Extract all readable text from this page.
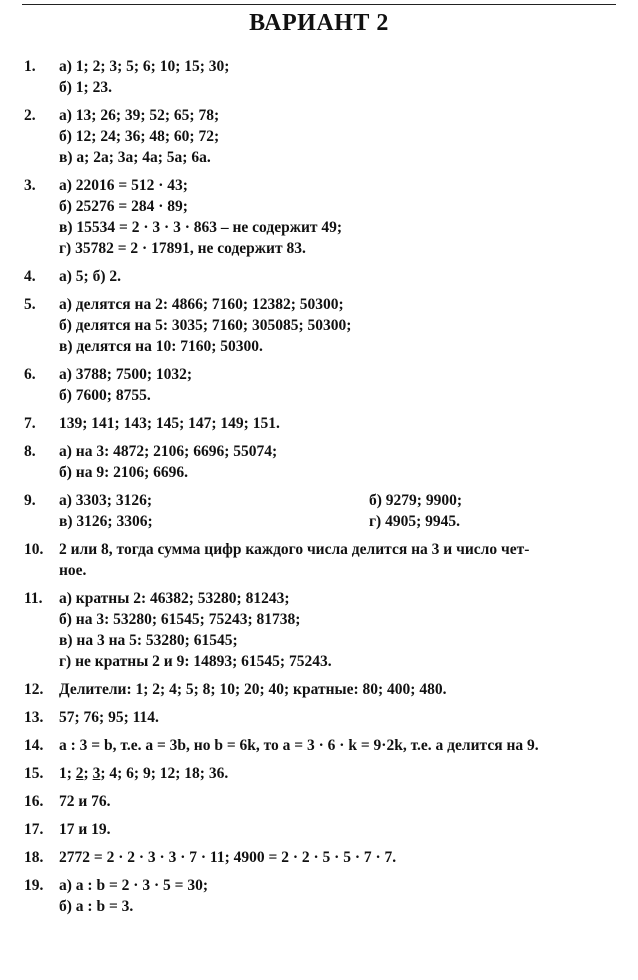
ВАРИАНТ 2
1.	а) 1; 2; 3; 5; 6; 10; 15; 30;
б) 1; 23.
2.	а) 13; 26; 39; 52; 65; 78;
б) 12; 24; 36; 48; 60; 72;
в) a; 2a; 3a; 4a; 5a; 6a.
3.	а) 22016 = 512 · 43;
б) 25276 = 284 · 89;
в) 15534 = 2 · 3 · 3 · 863 – не содержит 49;
г) 35782 = 2 · 17891, не содержит 83.
4.	а) 5; б) 2.
5.	а) делятся на 2: 4866; 7160; 12382; 50300;
б) делятся на 5: 3035; 7160; 305085; 50300;
в) делятся на 10: 7160; 50300.
6.	а) 3788; 7500; 1032;
б) 7600; 8755.
7.	139; 141; 143; 145; 147; 149; 151.
8.	а) на 3: 4872; 2106; 6696; 55074;
б) на 9: 2106; 6696.
9.	а) 3303; 3126;	б) 9279; 9900;
в) 3126; 3306;	г) 4905; 9945.
10.	2 или 8, тогда сумма цифр каждого числа делится на 3 и число чет-
ное.
11.	а) кратны 2: 46382; 53280; 81243;
б) на 3: 53280; 61545; 75243; 81738;
в) на 3 на 5: 53280; 61545;
г) не кратны 2 и 9: 14893; 61545; 75243.
12.	Делители: 1; 2; 4; 5; 8; 10; 20; 40; кратные: 80; 400; 480.
13.	57; 76; 95; 114.
14.	a : 3 = b, т.е. a = 3b, но b = 6k, то a = 3 · 6 · k = 9·2k, т.е. a делится на 9.
15.	1; 2; 3; 4; 6; 9; 12; 18; 36.
16.	72 и 76.
17.	17 и 19.
18.	2772 = 2 · 2 · 3 · 3 · 7 · 11; 4900 = 2 · 2 · 5 · 5 · 7 · 7.
19.	а) a : b = 2 · 3 · 5 = 30;
б) a : b = 3.
